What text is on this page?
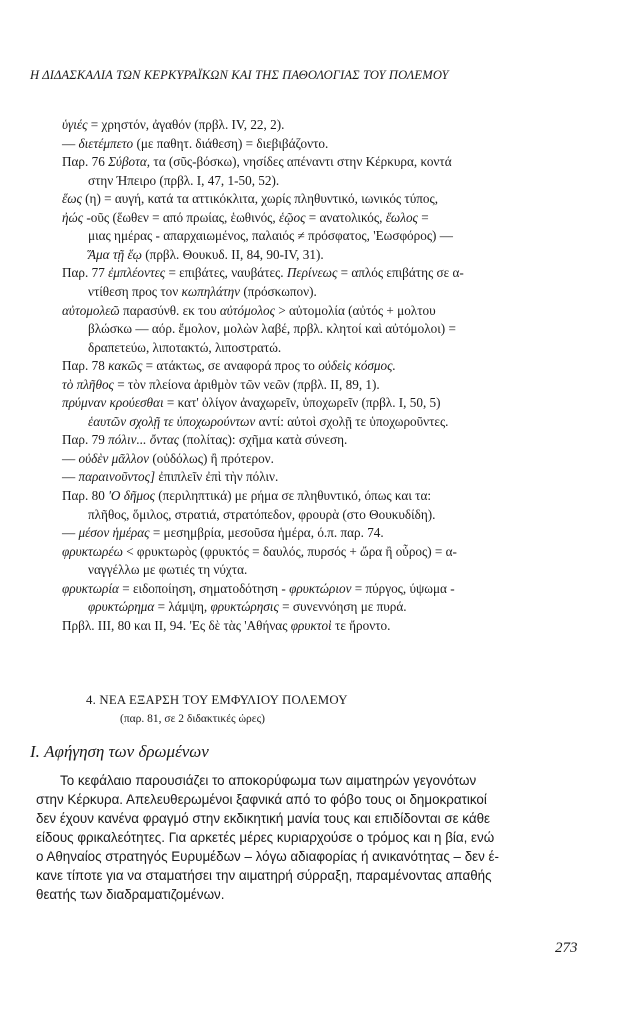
Η ΔΙΔΑΣΚΑΛΙΑ ΤΩΝ ΚΕΡΚΥΡΑΪΚΩΝ ΚΑΙ ΤΗΣ ΠΑΘΟΛΟΓΙΑΣ ΤΟΥ ΠΟΛΕΜΟΥ
ὑγιές = χρηστόν, ἀγαθόν (πρβλ. IV, 22, 2).
— διετέμπετο (με παθητ. διάθεση) = διεβιβάζοντο.
Παρ. 76 Σύβοτα, τα (σῦς-βόσκω), νησίδες απέναντι στην Κέρκυρα, κοντά
στην Ήπειρο (πρβλ. I, 47, 1-50, 52).
ἕως (η) = αυγή, κατά τα αττικόκλιτα, χωρίς πληθυντικό, ιωνικός τύπος,
ἠώς -οῦς (ἕωθεν = από πρωίας, ἑωθινός, ἑῷος = ανατολικός, ἕωλος =
μιας ημέρας - απαρχαιωμένος, παλαιός ≠ πρόσφατος, 'Εωσφόρος) —
Ἅμα τῇ ἕῳ (πρβλ. Θουκυδ. II, 84, 90-IV, 31).
Παρ. 77 ἐμπλέοντες = επιβάτες, ναυβάτες. Περίνεως = απλός επιβάτης σε α-
ντίθεση προς τον κωπηλάτην (πρόσκωπον).
αὐτομολεῶ παρασύνθ. εκ του αὐτόμολος > αὐτομολία (αὐτός + μολτου
βλώσκω — αόρ. ἔμολον, μολὼν λαβέ, πρβλ. κλητοί καὶ αὐτόμολοι) =
δραπετεύω, λιποτακτώ, λιποστρατώ.
Παρ. 78 κακῶς = ατάκτως, σε αναφορά προς το οὐδεὶς κόσμος.
τὸ πλῆθος = τὸν πλείονα ἀριθμὸν τῶν νεῶν (πρβλ. II, 89, 1).
πρύμναν κρούεσθαι = κατ' ὀλίγον ἀναχωρεῖν, ὑποχωρεῖν (πρβλ. I, 50, 5)
ἑαυτῶν σχολῇ τε ὑποχωρούντων αντί: αὐτοὶ σχολῇ τε ὑποχωροῦντες.
Παρ. 79 πόλιν... ὄντας (πολίτας): σχῆμα κατὰ σύνεση.
— οὐδὲν μᾶλλον (οὐδόλως) ἢ πρότερον.
— παραινοῦντος] ἐπιπλεῖν ἐπὶ τὴν πόλιν.
Παρ. 80 'Ο δῆμος (περιληπτικά) με ρήμα σε πληθυντικό, όπως και τα:
πλῆθος, ὅμιλος, στρατιά, στρατόπεδον, φρουρὰ (στο Θουκυδίδη).
— μέσον ἡμέρας = μεσημβρία, μεσοῦσα ἡμέρα, ό.π. παρ. 74.
φρυκτωρέω < φρυκτωρὸς (φρυκτός = δαυλός, πυρσός + ὤρα ἢ οὖρος) = α-
ναγγέλλω με φωτιές τη νύχτα.
φρυκτωρία = ειδοποίηση, σηματοδότηση - φρυκτώριον = πύργος, ύψωμα -
φρυκτώρημα = λάμψη, φρυκτώρησις = συνεννόηση με πυρά.
Πρβλ. III, 80 και II, 94. 'Ες δὲ τὰς 'Αθήνας φρυκτοὶ τε ἤροντο.
4. ΝΕΑ ΕΞΑΡΣΗ ΤΟΥ ΕΜΦΥΛΙΟΥ ΠΟΛΕΜΟΥ
(παρ. 81, σε 2 διδακτικές ώρες)
I. Αφήγηση των δρωμένων
Το κεφάλαιο παρουσιάζει το αποκορύφωμα των αιματηρών γεγονότων
στην Κέρκυρα. Απελευθερωμένοι ξαφνικά από το φόβο τους οι δημοκρατικοί
δεν έχουν κανένα φραγμό στην εκδικητική μανία τους και επιδίδονται σε κάθε
είδους φρικαλεότητες. Για αρκετές μέρες κυριαρχούσε ο τρόμος και η βία, ενώ
ο Αθηναίος στρατηγός Ευρυμέδων – λόγω αδιαφορίας ή ανικανότητας – δεν έ-
κανε τίποτε για να σταματήσει την αιματηρή σύρραξη, παραμένοντας απαθής
θεατής των διαδραματιζομένων.
273
